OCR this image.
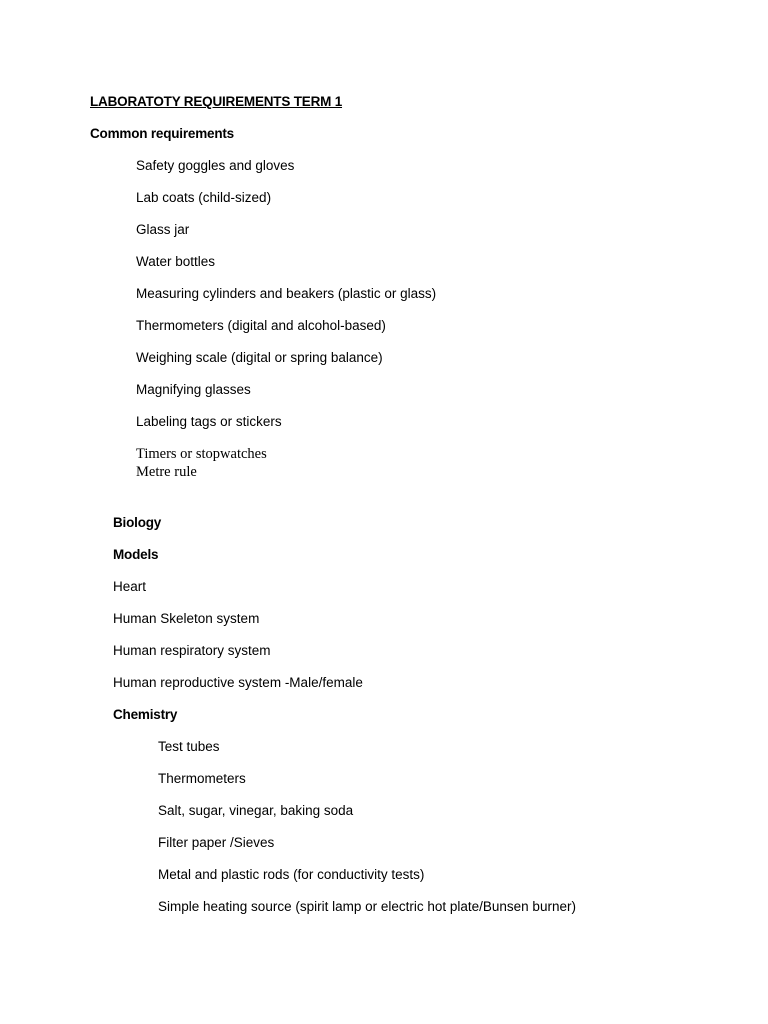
LABORATOTY REQUIREMENTS TERM 1
Common requirements
Safety goggles and gloves
Lab coats (child-sized)
Glass jar
Water bottles
Measuring cylinders and beakers (plastic or glass)
Thermometers (digital and alcohol-based)
Weighing scale (digital or spring balance)
Magnifying glasses
Labeling tags or stickers
Timers or stopwatches
Metre rule
Biology
Models
Heart
Human Skeleton system
Human respiratory system
Human reproductive system -Male/female
Chemistry
Test tubes
Thermometers
Salt, sugar, vinegar, baking soda
Filter paper /Sieves
Metal and plastic rods (for conductivity tests)
Simple heating source (spirit lamp or electric hot plate/Bunsen burner)
